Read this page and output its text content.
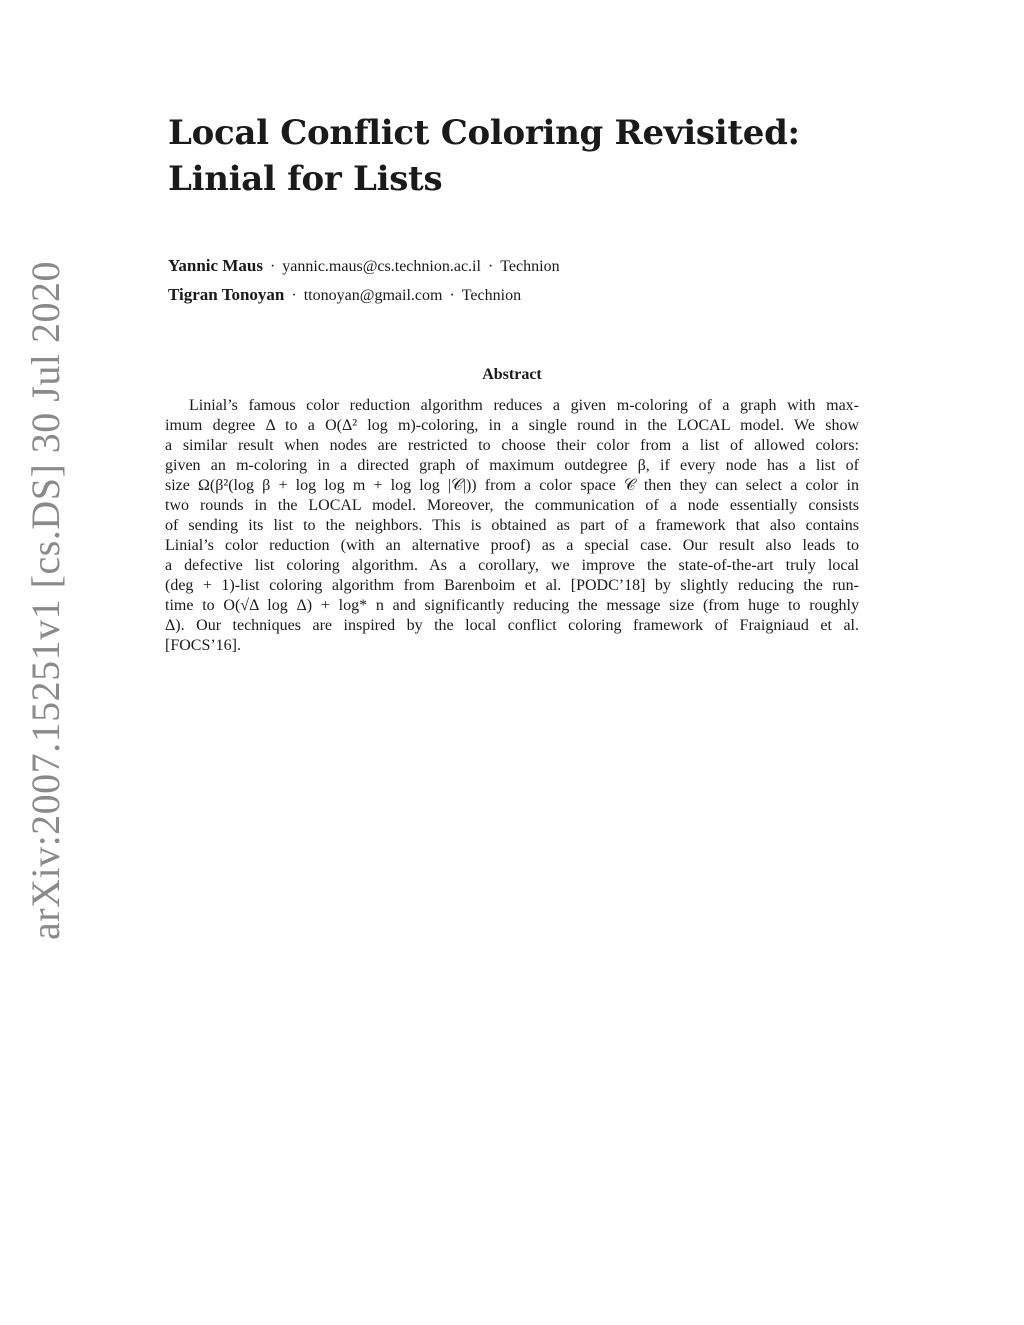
arXiv:2007.15251v1 [cs.DS] 30 Jul 2020
Local Conflict Coloring Revisited:
Linial for Lists
Yannic Maus · yannic.maus@cs.technion.ac.il · Technion
Tigran Tonoyan · ttonoyan@gmail.com · Technion
Abstract
Linial’s famous color reduction algorithm reduces a given m-coloring of a graph with max-
imum degree Δ to a O(Δ² log m)-coloring, in a single round in the LOCAL model. We show
a similar result when nodes are restricted to choose their color from a list of allowed colors:
given an m-coloring in a directed graph of maximum outdegree β, if every node has a list of
size Ω(β²(log β + log log m + log log |𝒞|)) from a color space 𝒞 then they can select a color in
two rounds in the LOCAL model. Moreover, the communication of a node essentially consists
of sending its list to the neighbors. This is obtained as part of a framework that also contains
Linial’s color reduction (with an alternative proof) as a special case. Our result also leads to
a defective list coloring algorithm. As a corollary, we improve the state-of-the-art truly local
(deg + 1)-list coloring algorithm from Barenboim et al. [PODC’18] by slightly reducing the run-
time to O(√Δ log Δ) + log* n and significantly reducing the message size (from huge to roughly
Δ). Our techniques are inspired by the local conflict coloring framework of Fraigniaud et al.
[FOCS’16].
